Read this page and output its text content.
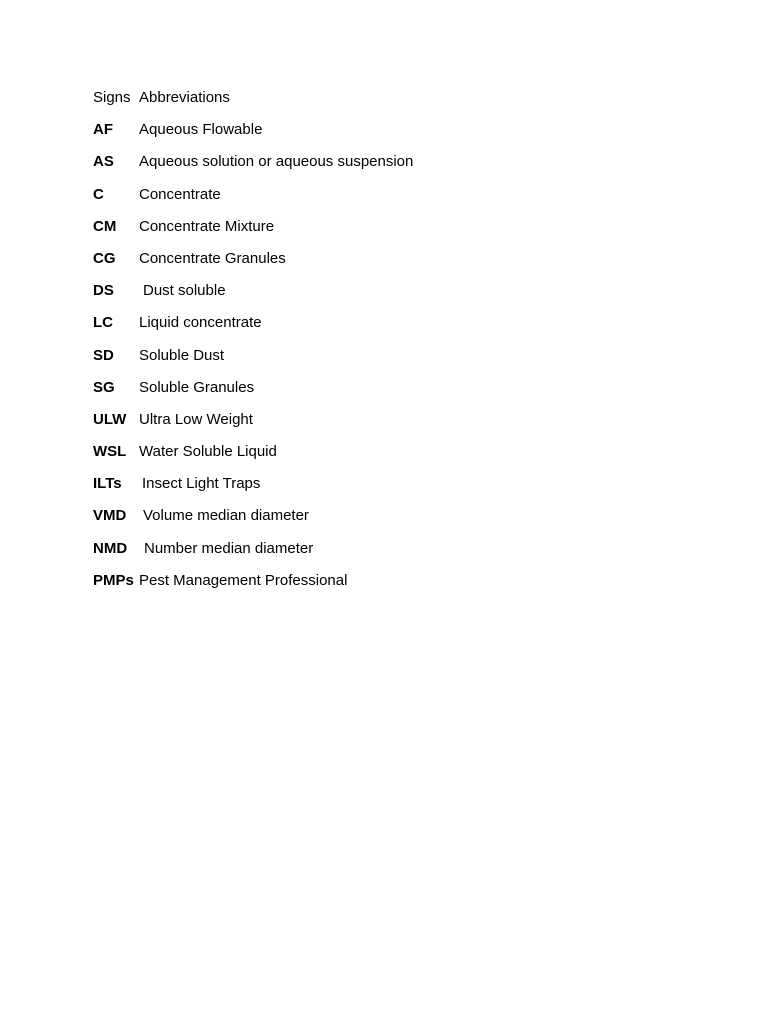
Signs Abbreviations
AF	Aqueous Flowable
AS	Aqueous solution or aqueous suspension
C	Concentrate
CM	Concentrate Mixture
CG	Concentrate Granules
DS	Dust soluble
LC	Liquid concentrate
SD	Soluble Dust
SG	Soluble Granules
ULW Ultra Low Weight
WSL Water Soluble Liquid
ILTs	Insect Light Traps
VMD	Volume median diameter
NMD	Number median diameter
PMPs Pest Management Professional
